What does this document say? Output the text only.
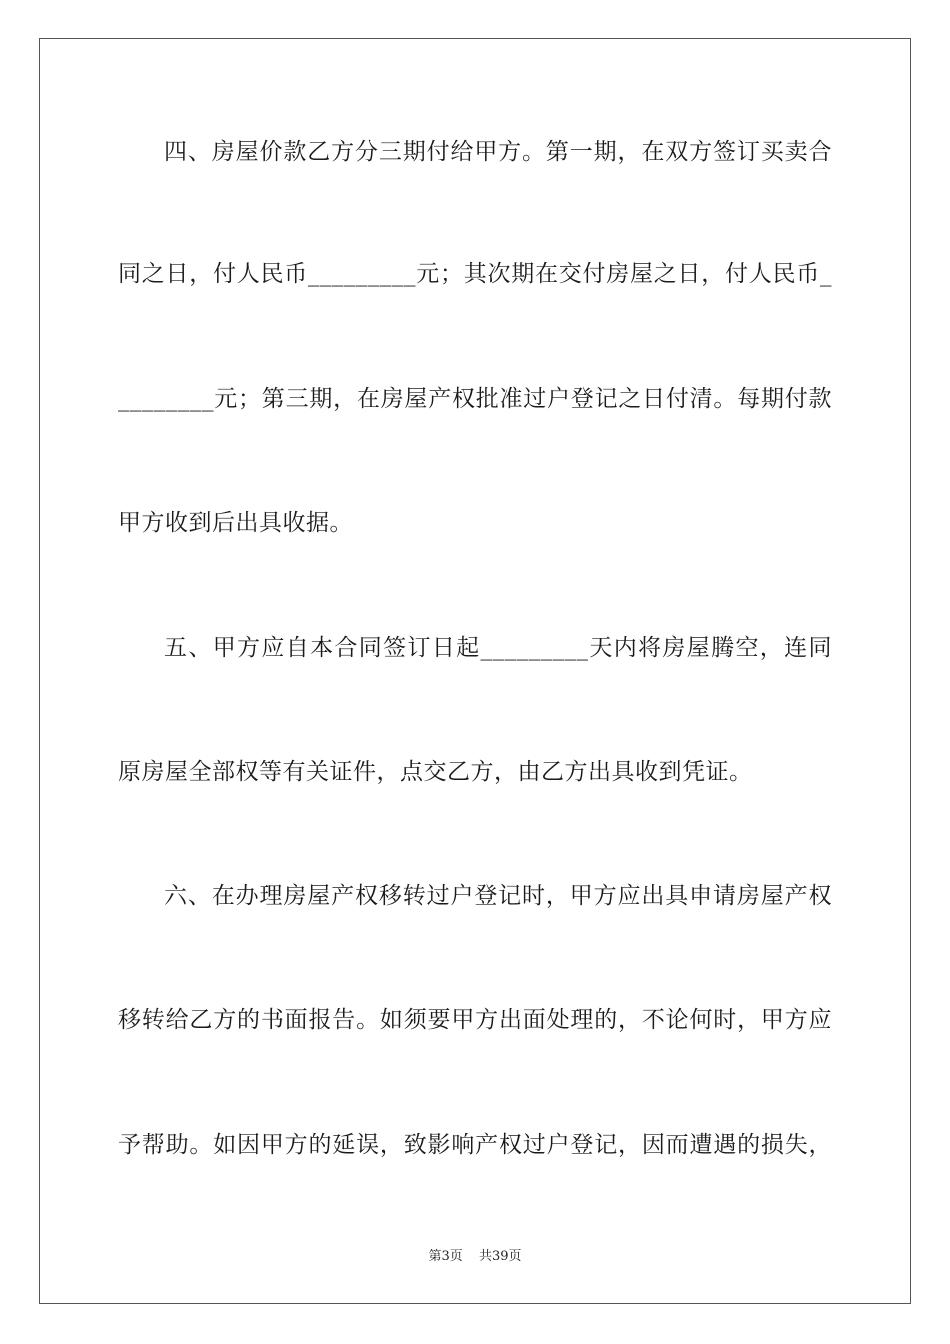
四、房屋价款乙方分三期付给甲方。第一期，在双方签订买卖合
同之日，付人民币_________元；其次期在交付房屋之日，付人民币_
________元；第三期，在房屋产权批准过户登记之日付清。每期付款
甲方收到后出具收据。
五、甲方应自本合同签订日起_________天内将房屋腾空，连同
原房屋全部权等有关证件，点交乙方，由乙方出具收到凭证。
六、在办理房屋产权移转过户登记时，甲方应出具申请房屋产权
移转给乙方的书面报告。如须要甲方出面处理的，不论何时，甲方应
予帮助。如因甲方的延误，致影响产权过户登记，因而遭遇的损失，
第3页 共39页
